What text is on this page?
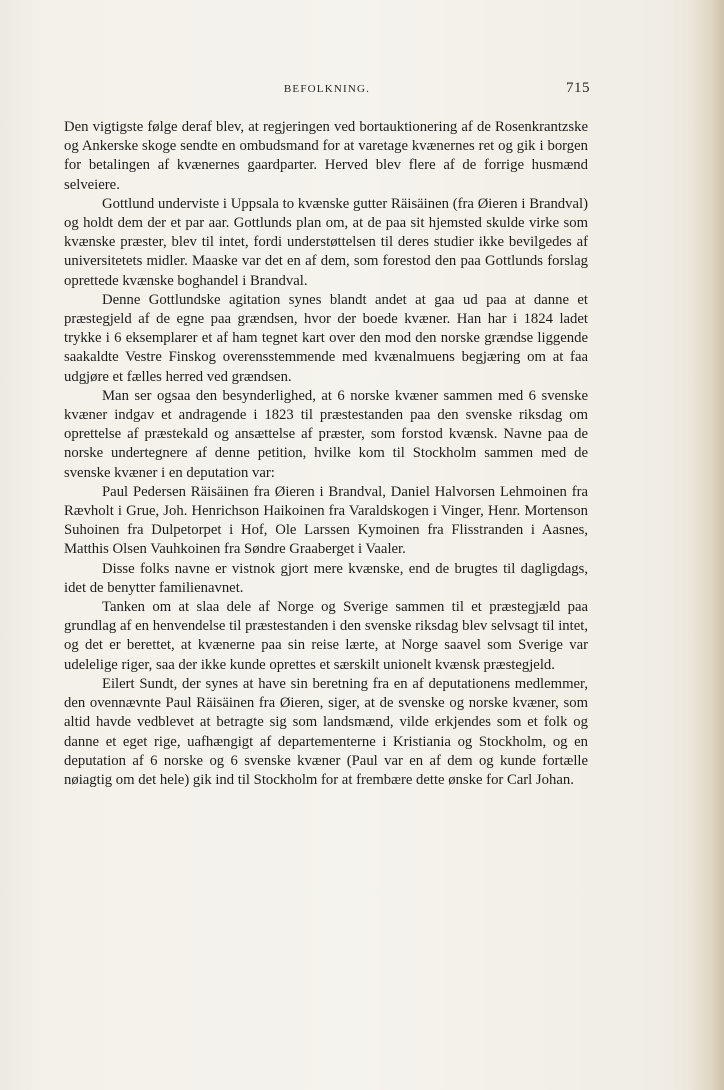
BEFOLKNING.	715

Den vigtigste følge deraf blev, at regjeringen ved bortauktionering af de Rosenkrantzske og Ankerske skoge sendte en ombudsmand for at varetage kvænernes ret og gik i borgen for betalingen af kvænernes gaardparter. Herved blev flere af de forrige husmænd selveiere.

Gottlund underviste i Uppsala to kvænske gutter Räisäinen (fra Øieren i Brandval) og holdt dem der et par aar. Gottlunds plan om, at de paa sit hjemsted skulde virke som kvænske præster, blev til intet, fordi understøttelsen til deres studier ikke bevilgedes af universitetets midler. Maaske var det en af dem, som forestod den paa Gottlunds forslag oprettede kvænske boghandel i Brandval.

Denne Gottlundske agitation synes blandt andet at gaa ud paa at danne et præstegjeld af de egne paa grændsen, hvor der boede kvæner. Han har i 1824 ladet trykke i 6 eksemplarer et af ham tegnet kart over den mod den norske grændse liggende saakaldte Vestre Finskog overensstemmende med kvænalmuens begjæring om at faa udgjøre et fælles herred ved grændsen.

Man ser ogsaa den besynderlighed, at 6 norske kvæner sammen med 6 svenske kvæner indgav et andragende i 1823 til præstestanden paa den svenske riksdag om oprettelse af præstekald og ansættelse af præster, som forstod kvænsk. Navne paa de norske undertegnere af denne petition, hvilke kom til Stockholm sammen med de svenske kvæner i en deputation var:

Paul Pedersen Räisäinen fra Øieren i Brandval, Daniel Halvorsen Lehmoinen fra Rævholt i Grue, Joh. Henrichson Haikoinen fra Varaldskogen i Vinger, Henr. Mortenson Suhoinen fra Dulpetorpet i Hof, Ole Larssen Kymoinen fra Flisstranden i Aasnes, Matthis Olsen Vauhkoinen fra Søndre Graaberget i Vaaler.

Disse folks navne er vistnok gjort mere kvænske, end de brugtes til dagligdags, idet de benytter familienavnet.

Tanken om at slaa dele af Norge og Sverige sammen til et præstegjæld paa grundlag af en henvendelse til præstestanden i den svenske riksdag blev selvsagt til intet, og det er berettet, at kvænerne paa sin reise lærte, at Norge saavel som Sverige var udelelige riger, saa der ikke kunde oprettes et særskilt unionelt kvænsk præstegjeld.

Eilert Sundt, der synes at have sin beretning fra en af deputationens medlemmer, den ovennævnte Paul Räisäinen fra Øieren, siger, at de svenske og norske kvæner, som altid havde vedblevet at betragte sig som landsmænd, vilde erkjendes som et folk og danne et eget rige, uafhængigt af departementerne i Kristiania og Stockholm, og en deputation af 6 norske og 6 svenske kvæner (Paul var en af dem og kunde fortælle nøiagtig om det hele) gik ind til Stockholm for at frembære dette ønske for Carl Johan.
